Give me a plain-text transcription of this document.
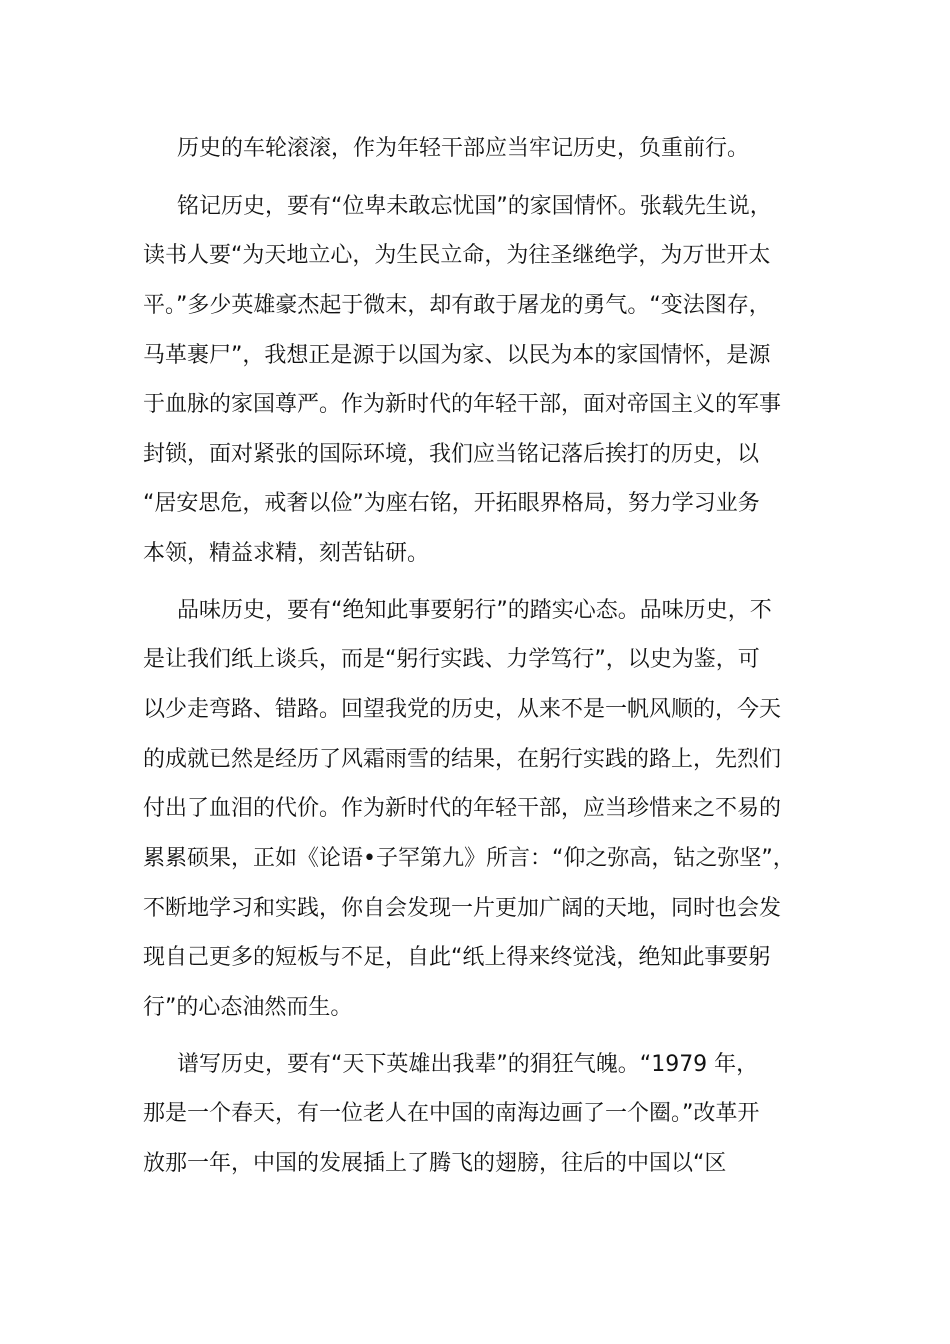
历史的车轮滚滚，作为年轻干部应当牢记历史，负重前行。

铭记历史，要有“位卑未敢忘忧国”的家国情怀。张载先生说，

读书人要“为天地立心，为生民立命，为往圣继绝学，为万世开太

平。”多少英雄豪杰起于微末，却有敢于屠龙的勇气。“变法图存，

马革裹尸”，我想正是源于以国为家、以民为本的家国情怀，是源

于血脉的家国尊严。作为新时代的年轻干部，面对帝国主义的军事

封锁，面对紧张的国际环境，我们应当铭记落后挨打的历史，以

“居安思危，戒奢以俭”为座右铭，开拓眼界格局，努力学习业务

本领，精益求精，刻苦钻研。

品味历史，要有“绝知此事要躬行”的踏实心态。品味历史，不

是让我们纸上谈兵，而是“躬行实践、力学笃行”，以史为鉴，可

以少走弯路、错路。回望我党的历史，从来不是一帆风顺的，今天

的成就已然是经历了风霜雨雪的结果，在躬行实践的路上，先烈们

付出了血泪的代价。作为新时代的年轻干部，应当珍惜来之不易的

累累硕果，正如《论语•子罕第九》所言：“仰之弥高，钻之弥坚”，

不断地学习和实践，你自会发现一片更加广阔的天地，同时也会发

现自己更多的短板与不足，自此“纸上得来终觉浅，绝知此事要躬

行”的心态油然而生。

谱写历史，要有“天下英雄出我辈”的狷狂气魄。“1979 年，

那是一个春天，有一位老人在中国的南海边画了一个圈。”改革开

放那一年，中国的发展插上了腾飞的翅膀，往后的中国以“区
